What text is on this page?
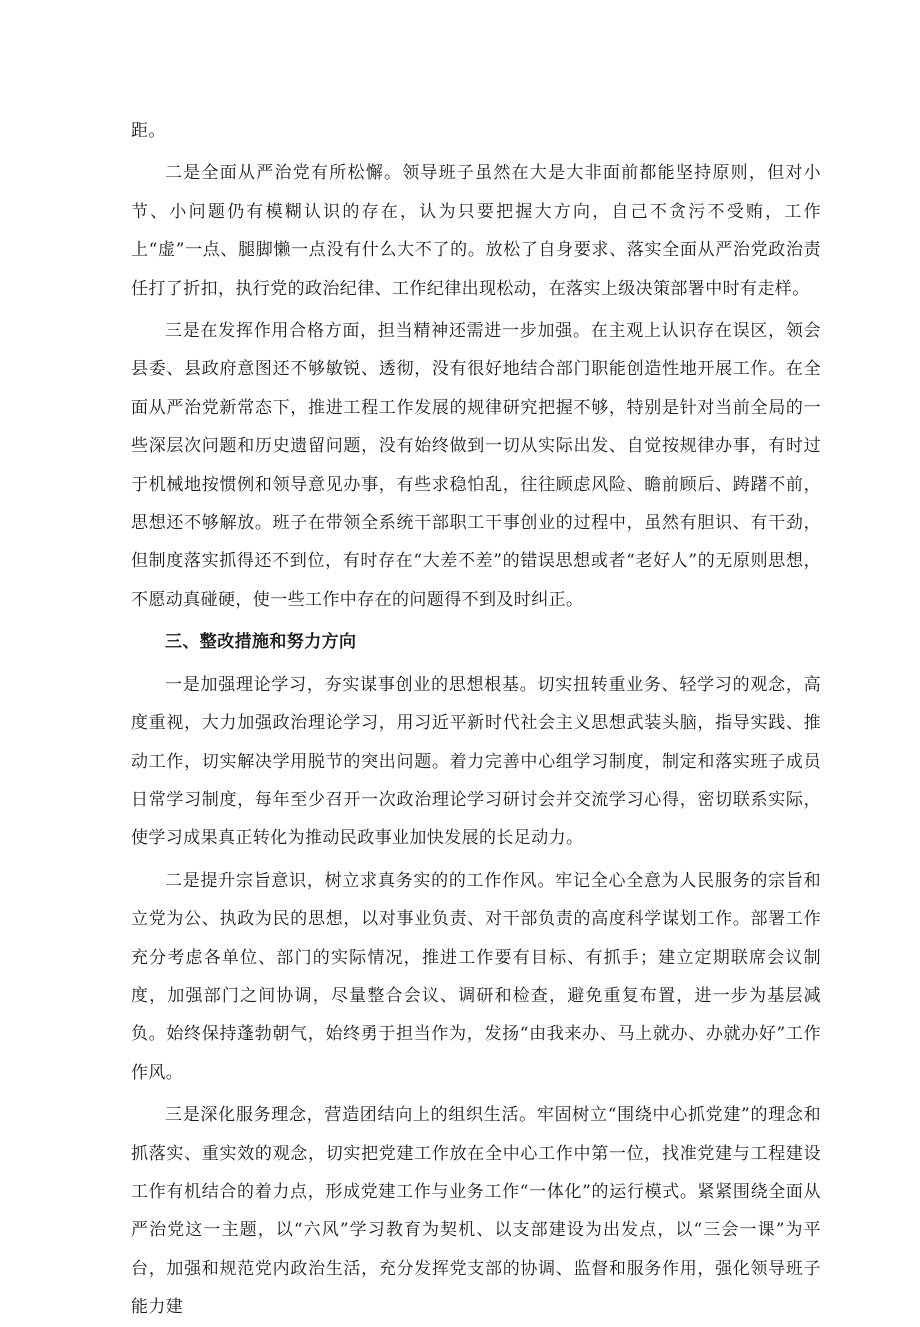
距。

二是全面从严治党有所松懈。领导班子虽然在大是大非面前都能坚持原则，但对小节、小问题仍有模糊认识的存在，认为只要把握大方向，自己不贪污不受贿，工作上“虚”一点、腿脚懒一点没有什么大不了的。放松了自身要求、落实全面从严治党政治责任打了折扣，执行党的政治纪律、工作纪律出现松动，在落实上级决策部署中时有走样。

三是在发挥作用合格方面，担当精神还需进一步加强。在主观上认识存在误区，领会县委、县政府意图还不够敏锐、透彻，没有很好地结合部门职能创造性地开展工作。在全面从严治党新常态下，推进工程工作发展的规律研究把握不够，特别是针对当前全局的一些深层次问题和历史遗留问题，没有始终做到一切从实际出发、自觉按规律办事，有时过于机械地按惯例和领导意见办事，有些求稳怕乱，往往顾虑风险、瞻前顾后、踌躇不前，思想还不够解放。班子在带领全系统干部职工干事创业的过程中，虽然有胆识、有干劲，但制度落实抓得还不到位，有时存在“大差不差”的错误思想或者“老好人”的无原则思想，不愿动真碰硬，使一些工作中存在的问题得不到及时纠正。

三、整改措施和努力方向

一是加强理论学习，夯实谋事创业的思想根基。切实扭转重业务、轻学习的观念，高度重视，大力加强政治理论学习，用习近平新时代社会主义思想武装头脑，指导实践、推动工作，切实解决学用脱节的突出问题。着力完善中心组学习制度，制定和落实班子成员日常学习制度，每年至少召开一次政治理论学习研讨会并交流学习心得，密切联系实际，使学习成果真正转化为推动民政事业加快发展的长足动力。

二是提升宗旨意识，树立求真务实的的工作作风。牢记全心全意为人民服务的宗旨和立党为公、执政为民的思想，以对事业负责、对干部负责的高度科学谋划工作。部署工作充分考虑各单位、部门的实际情况，推进工作要有目标、有抓手；建立定期联席会议制度，加强部门之间协调，尽量整合会议、调研和检查，避免重复布置，进一步为基层减负。始终保持蓬勃朝气，始终勇于担当作为，发扬“由我来办、马上就办、办就办好”工作作风。

三是深化服务理念，营造团结向上的组织生活。牢固树立“围绕中心抓党建”的理念和抓落实、重实效的观念，切实把党建工作放在全中心工作中第一位，找准党建与工程建设工作有机结合的着力点，形成党建工作与业务工作“一体化”的运行模式。紧紧围绕全面从严治党这一主题，以“六风”学习教育为契机、以支部建设为出发点，以“三会一课”为平台，加强和规范党内政治生活，充分发挥党支部的协调、监督和服务作用，强化领导班子能力建
